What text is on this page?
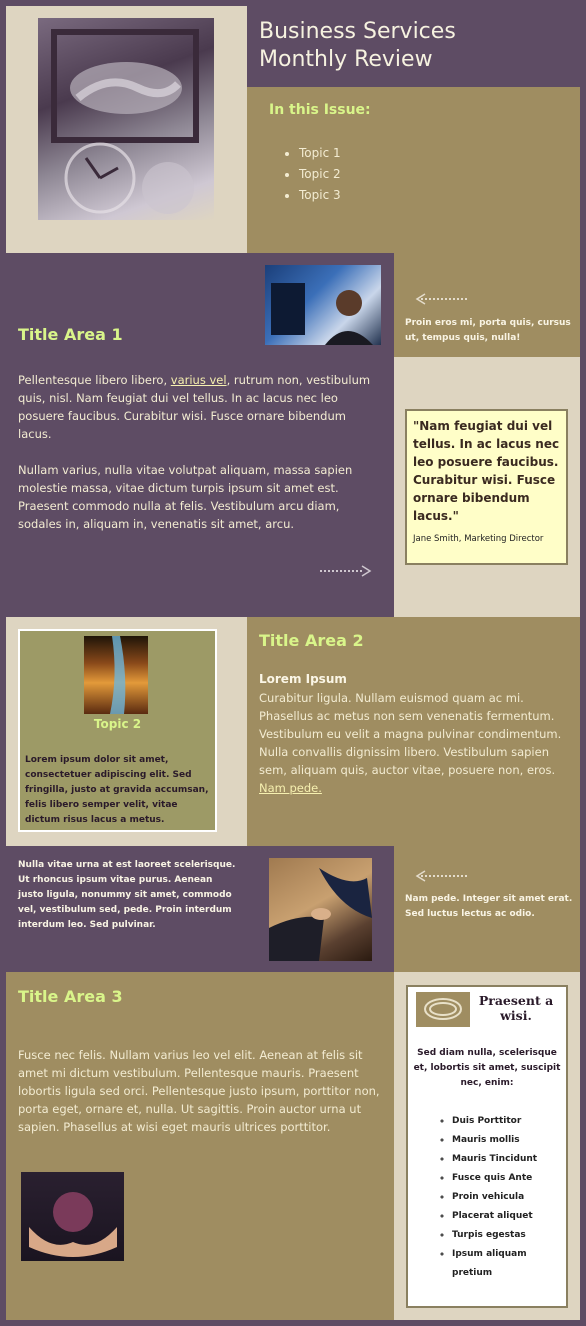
Business Services
Monthly Review
In this Issue:
• Topic 1
• Topic 2
• Topic 3
Title Area 1

Pellentesque libero libero, varius vel, rutrum non, vestibulum quis, nisl. Nam feugiat dui vel tellus. In ac lacus nec leo posuere faucibus. Curabitur wisi. Fusce ornare bibendum lacus.

Nullam varius, nulla vitae volutpat aliquam, massa sapien molestie massa, vitae dictum turpis ipsum sit amet est. Praesent commodo nulla at felis. Vestibulum arcu diam, sodales in, aliquam in, venenatis sit amet, arcu.

Proin eros mi, porta quis, cursus ut, tempus quis, nulla!

"Nam feugiat dui vel tellus. In ac lacus nec leo posuere faucibus. Curabitur wisi. Fusce ornare bibendum lacus."

Jane Smith, Marketing Director

Topic 2

Lorem ipsum dolor sit amet, consectetuer adipiscing elit. Sed fringilla, justo at gravida accumsan, felis libero semper velit, vitae dictum risus lacus a metus.

Title Area 2
Lorem Ipsum

Curabitur ligula. Nullam euismod quam ac mi. Phasellus ac metus non sem venenatis fermentum. Vestibulum eu velit a magna pulvinar condimentum. Nulla convallis dignissim libero. Vestibulum sapien sem, aliquam quis, auctor vitae, posuere non, eros. Nam pede.

Nulla vitae urna at est laoreet scelerisque. Ut rhoncus ipsum vitae purus. Aenean justo ligula, nonummy sit amet, commodo vel, vestibulum sed, pede. Proin interdum interdum leo. Sed pulvinar.

Nam pede. Integer sit amet erat. Sed luctus lectus ac odio.

Title Area 3

Fusce nec felis. Nullam varius leo vel elit. Aenean at felis sit amet mi dictum vestibulum. Pellentesque mauris. Praesent lobortis ligula sed orci. Pellentesque justo ipsum, porttitor non, porta eget, ornare et, nulla. Ut sagittis. Proin auctor urna ut sapien. Phasellus at wisi eget mauris ultrices porttitor.

Praesent a wisi.

Sed diam nulla, scelerisque et, lobortis sit amet, suscipit nec, enim:

◦ Duis Porttitor
◦ Mauris mollis
◦ Mauris Tincidunt
◦ Fusce quis Ante
◦ Proin vehicula
◦ Placerat aliquet
◦ Turpis egestas
◦ Ipsum aliquam pretium
